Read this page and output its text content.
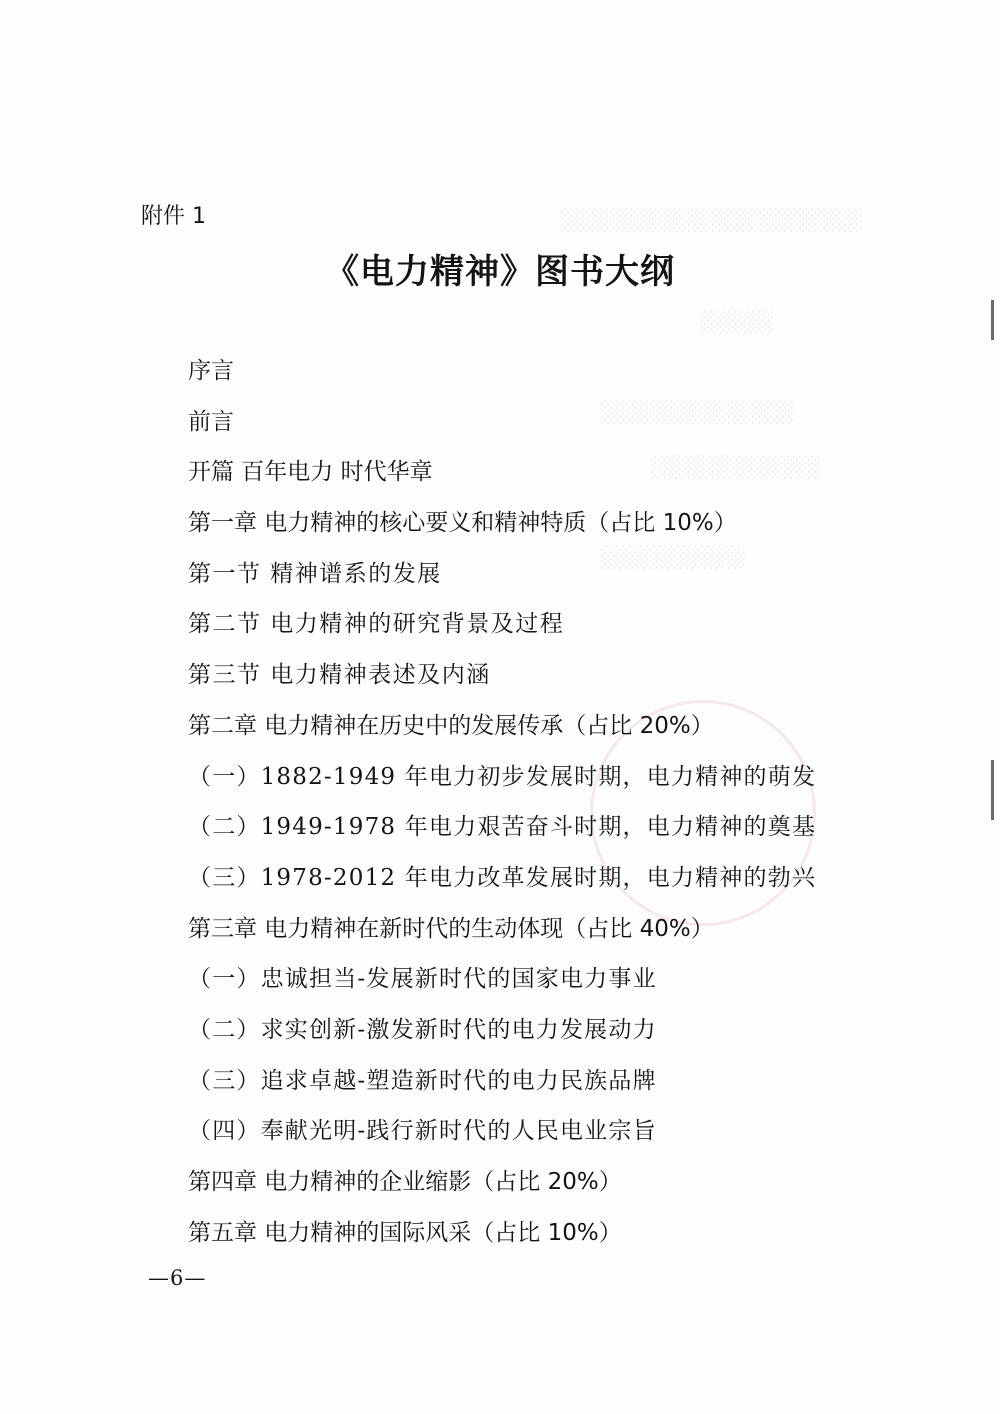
░░░░░░░░░░░░░░░░░░░░░░░░░
░░░░░░
░░░░░░░░░░░░░░░░
░░░░░░░░░░░░░░
░░░░░░░░░░░░
附件 1
《电力精神》图书大纲
序言
前言
开篇 百年电力 时代华章
第一章 电力精神的核心要义和精神特质（占比 10%）
第一节 精神谱系的发展
第二节 电力精神的研究背景及过程
第三节 电力精神表述及内涵
第二章 电力精神在历史中的发展传承（占比 20%）
（一）1882-1949 年电力初步发展时期，电力精神的萌发
（二）1949-1978 年电力艰苦奋斗时期，电力精神的奠基
（三）1978-2012 年电力改革发展时期，电力精神的勃兴
第三章 电力精神在新时代的生动体现（占比 40%）
（一）忠诚担当-发展新时代的国家电力事业
（二）求实创新-激发新时代的电力发展动力
（三）追求卓越-塑造新时代的电力民族品牌
（四）奉献光明-践行新时代的人民电业宗旨
第四章 电力精神的企业缩影（占比 20%）
第五章 电力精神的国际风采（占比 10%）
—6—
